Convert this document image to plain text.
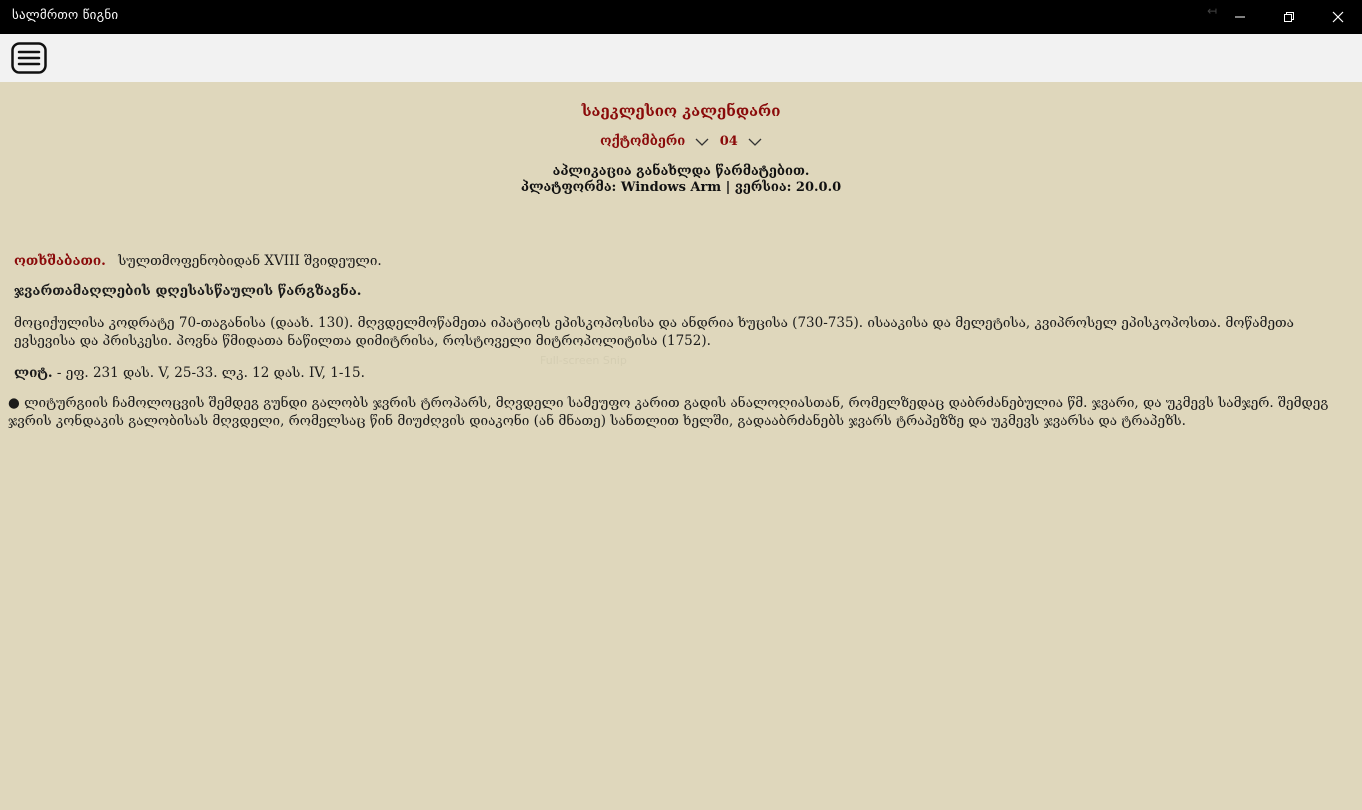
სალმრთო წიგნი	↤
საეკლესიო კალენდარი
ოქტომბერი
	04
აპლიკაცია განახლდა წარმატებით.
პლატფორმა: Windows Arm | ვერსია: 20.0.0
ოთხშაბათი. სულთმოფენობიდან XVIII შვიდეული.
ჯვართამაღლების დღესასწაულის წარგზავნა.
მოციქულისა კოდრატე 70-თაგანისა (დაახ. 130). მღვდელმოწამეთა იპატიოს ეპისკოპოსისა და ანდრია ხუცისა (730-735). ისააკისა და მელეტისა, კვიპროსელ ეპისკოპოსთა. მოწამეთა ევსევისა და პრისკესი. პოვნა წმიდათა ნაწილთა დიმიტრისა, როსტოველი მიტროპოლიტისა (1752).
ლიტ. - ეფ. 231 დას. V, 25-33. ლკ. 12 დას. IV, 1-15.
● ლიტურგიის ჩამოლოცვის შემდეგ გუნდი გალობს ჯვრის ტროპარს, მღვდელი სამეუფო კარით გადის ანალოღიასთან, რომელზედაც დაბრძანებულია წმ. ჯვარი, და უკმევს სამჯერ. შემდეგ ჯვრის კონდაკის გალობისას მღვდელი, რომელსაც წინ მიუძღვის დიაკონი (ან მნათე) სანთლით ხელში, გადააბრძანებს ჯვარს ტრაპეზზე და უკმევს ჯვარსა და ტრაპეზს.
Full-screen Snip
